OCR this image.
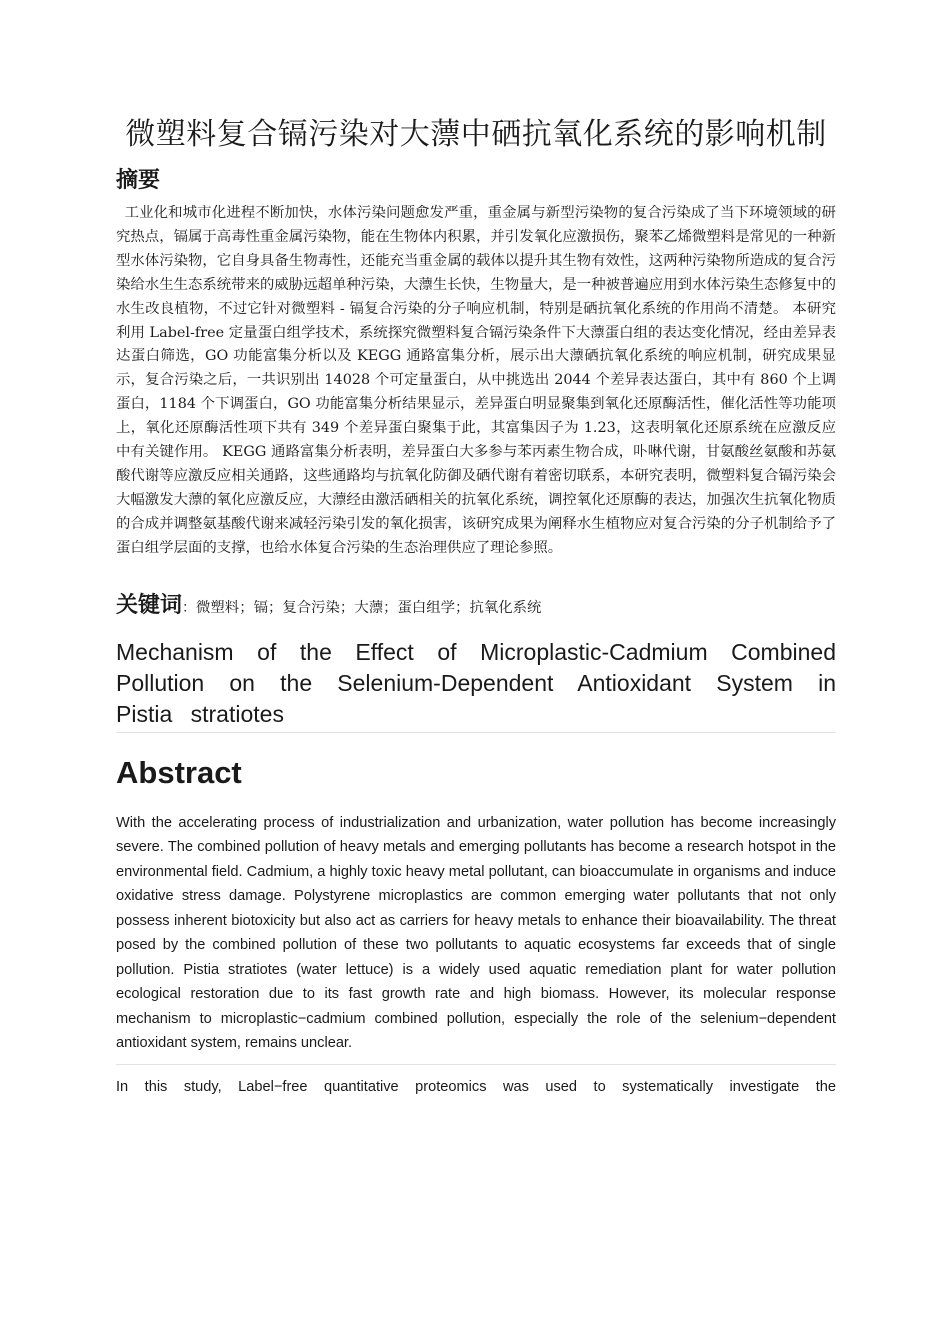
微塑料复合镉污染对大薸中硒抗氧化系统的影响机制
摘要

工业化和城市化进程不断加快，水体污染问题愈发严重，重金属与新型污染物的复合污染成了当下环境领域的研究热点，镉属于高毒性重金属污染物，能在生物体内积累，并引发氧化应激损伤，聚苯乙烯微塑料是常见的一种新型水体污染物，它自身具备生物毒性，还能充当重金属的载体以提升其生物有效性，这两种污染物所造成的复合污染给水生生态系统带来的威胁远超单种污染，大薸生长快，生物量大，是一种被普遍应用到水体污染生态修复中的水生改良植物，不过它针对微塑料 - 镉复合污染的分子响应机制，特别是硒抗氧化系统的作用尚不清楚。 本研究利用 Label-free 定量蛋白组学技术，系统探究微塑料复合镉污染条件下大薸蛋白组的表达变化情况，经由差异表达蛋白筛选，GO 功能富集分析以及 KEGG 通路富集分析，展示出大薸硒抗氧化系统的响应机制，研究成果显示，复合污染之后，一共识别出 14028 个可定量蛋白，从中挑选出 2044 个差异表达蛋白，其中有 860 个上调蛋白，1184 个下调蛋白，GO 功能富集分析结果显示，差异蛋白明显聚集到氧化还原酶活性，催化活性等功能项上，氧化还原酶活性项下共有 349 个差异蛋白聚集于此，其富集因子为 1.23，这表明氧化还原系统在应激反应中有关键作用。 KEGG 通路富集分析表明，差异蛋白大多参与苯丙素生物合成，卟啉代谢，甘氨酸丝氨酸和苏氨酸代谢等应激反应相关通路，这些通路均与抗氧化防御及硒代谢有着密切联系，本研究表明，微塑料复合镉污染会大幅激发大薸的氧化应激反应，大薸经由激活硒相关的抗氧化系统，调控氧化还原酶的表达，加强次生抗氧化物质的合成并调整氨基酸代谢来减轻污染引发的氧化损害，该研究成果为阐释水生植物应对复合污染的分子机制给予了蛋白组学层面的支撑，也给水体复合污染的生态治理供应了理论参照。

关键词：微塑料；镉；复合污染；大薸；蛋白组学；抗氧化系统
Mechanism of the Effect of Microplastic-Cadmium Combined Pollution on the Selenium-Dependent Antioxidant System in Pistia stratiotes
Abstract

With the accelerating process of industrialization and urbanization, water pollution has become increasingly severe. The combined pollution of heavy metals and emerging pollutants has become a research hotspot in the environmental field. Cadmium, a highly toxic heavy metal pollutant, can bioaccumulate in organisms and induce oxidative stress damage. Polystyrene microplastics are common emerging water pollutants that not only possess inherent biotoxicity but also act as carriers for heavy metals to enhance their bioavailability. The threat posed by the combined pollution of these two pollutants to aquatic ecosystems far exceeds that of single pollution. Pistia stratiotes (water lettuce) is a widely used aquatic remediation plant for water pollution ecological restoration due to its fast growth rate and high biomass. However, its molecular response mechanism to microplastic−cadmium combined pollution, especially the role of the selenium−dependent antioxidant system, remains unclear.

In this study, Label−free quantitative proteomics was used to systematically investigate the
